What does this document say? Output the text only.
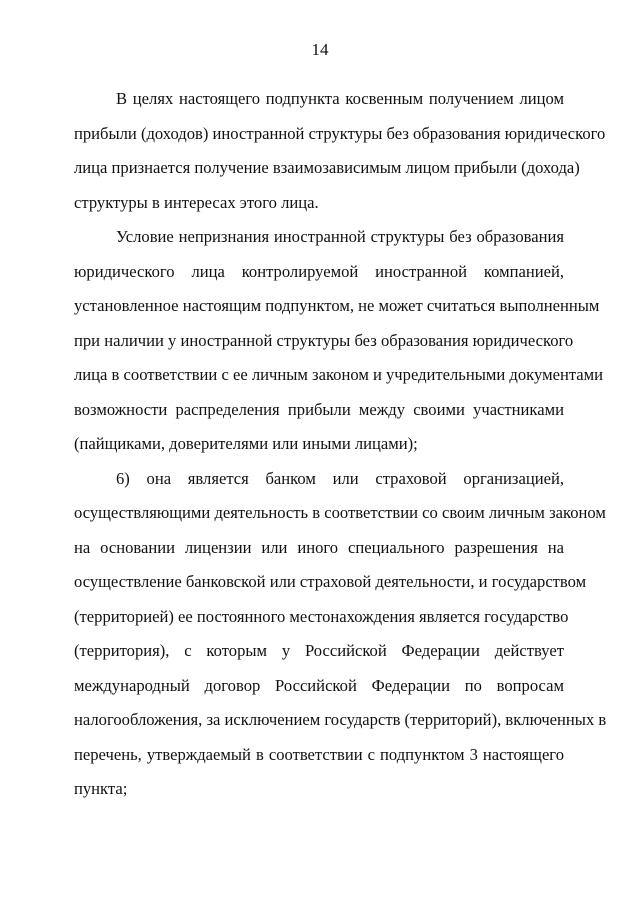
14
В целях настоящего подпункта косвенным получением лицом
прибыли (доходов) иностранной структуры без образования юридического
лица признается получение взаимозависимым лицом прибыли (дохода)
структуры в интересах этого лица.
Условие непризнания иностранной структуры без образования
юридического лица контролируемой иностранной компанией,
установленное настоящим подпунктом, не может считаться выполненным
при наличии у иностранной структуры без образования юридического
лица в соответствии с ее личным законом и учредительными документами
возможности распределения прибыли между своими участниками
(пайщиками, доверителями или иными лицами);
6) она является банком или страховой организацией,
осуществляющими деятельность в соответствии со своим личным законом
на основании лицензии или иного специального разрешения на
осуществление банковской или страховой деятельности, и государством
(территорией) ее постоянного местонахождения является государство
(территория), с которым у Российской Федерации действует
международный договор Российской Федерации по вопросам
налогообложения, за исключением государств (территорий), включенных в
перечень, утверждаемый в соответствии с подпунктом 3 настоящего
пункта;
